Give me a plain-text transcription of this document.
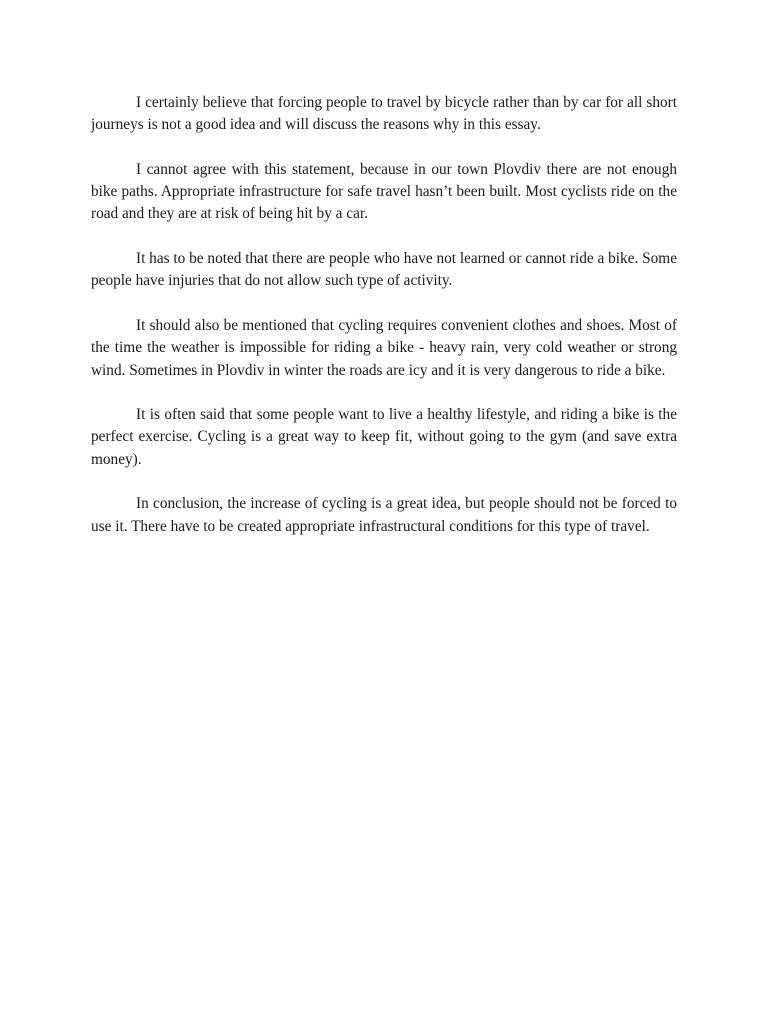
I certainly believe that forcing people to travel by bicycle rather than by car for all short journeys is not a good idea and will discuss the reasons why in this essay.

I cannot agree with this statement, because in our town Plovdiv there are not enough bike paths. Appropriate infrastructure for safe travel hasn’t been built. Most cyclists ride on the road and they are at risk of being hit by a car.

It has to be noted that there are people who have not learned or cannot ride a bike. Some people have injuries that do not allow such type of activity.

It should also be mentioned that cycling requires convenient clothes and shoes. Most of the time the weather is impossible for riding a bike - heavy rain, very cold weather or strong wind. Sometimes in Plovdiv in winter the roads are icy and it is very dangerous to ride a bike.

It is often said that some people want to live a healthy lifestyle, and riding a bike is the perfect exercise. Cycling is a great way to keep fit, without going to the gym (and save extra money).

In conclusion, the increase of cycling is a great idea, but people should not be forced to use it. There have to be created appropriate infrastructural conditions for this type of travel.
